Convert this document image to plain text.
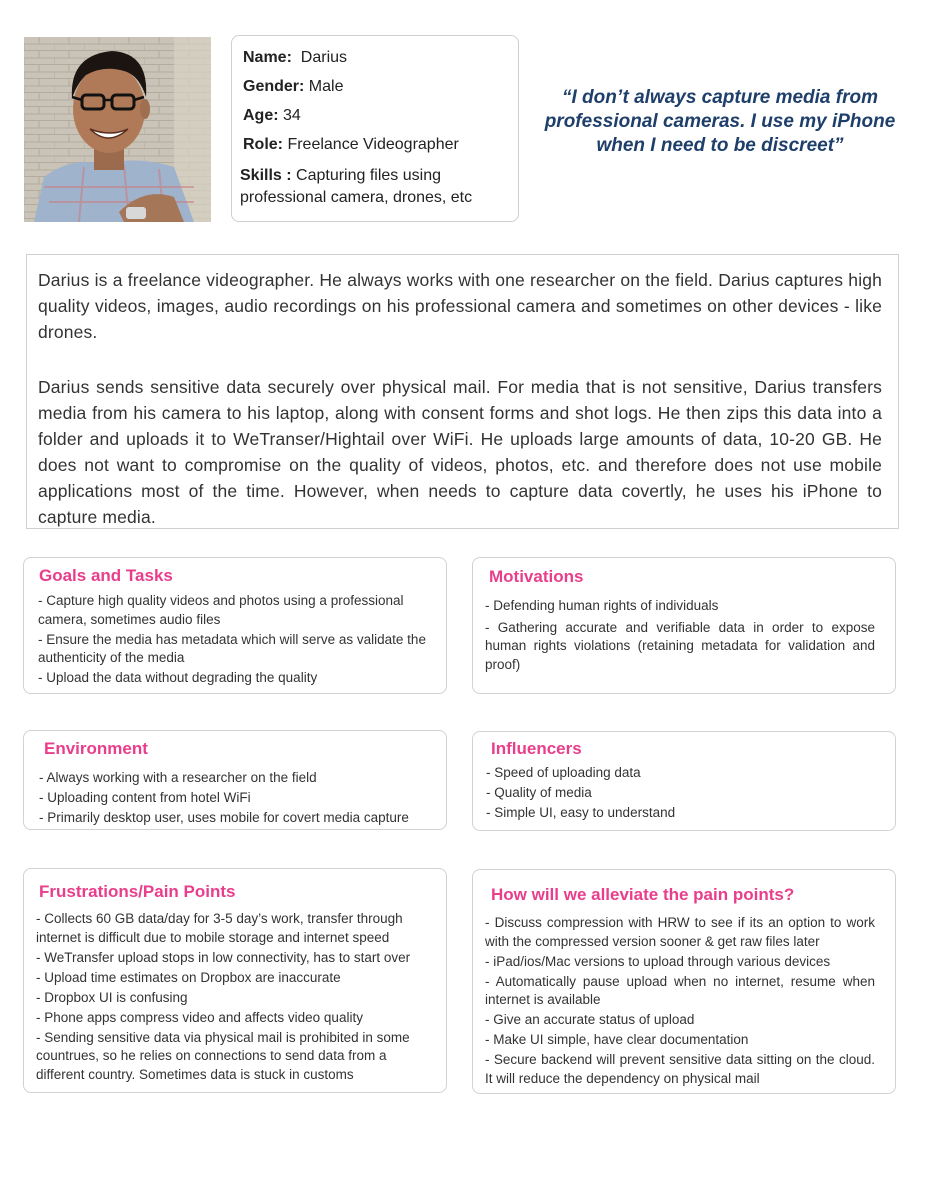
Name: Darius
Gender: Male
Age: 34
Role: Freelance Videographer
Skills : Capturing files using
professional camera, drones, etc
“I don’t always capture media from professional cameras. I use my iPhone when I need to be discreet”

Darius is a freelance videographer. He always works with one researcher on the field. Darius captures high quality videos, images, audio recordings on his professional camera and sometimes on other devices - like drones.

Darius sends sensitive data securely over physical mail. For media that is not sensitive, Darius transfers media from his camera to his laptop, along with consent forms and shot logs. He then zips this data into a folder and uploads it to WeTranser/Hightail over WiFi. He uploads large amounts of data, 10-20 GB. He does not want to compromise on the quality of videos, photos, etc. and therefore does not use mobile applications most of the time. However, when needs to capture data covertly, he uses his iPhone to capture media.

Goals and Tasks
- Capture high quality videos and photos using a professional camera, sometimes audio files
- Ensure the media has metadata which will serve as validate the authenticity of the media
- Upload the data without degrading the quality
Motivations
- Defending human rights of individuals
- Gathering accurate and verifiable data in order to expose human rights violations (retaining metadata for validation and proof)
Environment
- Always working with a researcher on the field
- Uploading content from hotel WiFi
- Primarily desktop user, uses mobile for covert media capture
Influencers
- Speed of uploading data
- Quality of media
- Simple UI, easy to understand
Frustrations/Pain Points
- Collects 60 GB data/day for 3-5 day’s work, transfer through internet is difficult due to mobile storage and internet speed
- WeTransfer upload stops in low connectivity, has to start over
- Upload time estimates on Dropbox are inaccurate
- Dropbox UI is confusing
- Phone apps compress video and affects video quality
- Sending sensitive data via physical mail is prohibited in some countrues, so he relies on connections to send data from a different country. Sometimes data is stuck in customs
How will we alleviate the pain points?
- Discuss compression with HRW to see if its an option to work with the compressed version sooner & get raw files later
- iPad/ios/Mac versions to upload through various devices
- Automatically pause upload when no internet, resume when internet is available
- Give an accurate status of upload
- Make UI simple, have clear documentation
- Secure backend will prevent sensitive data sitting on the cloud. It will reduce the dependency on physical mail
